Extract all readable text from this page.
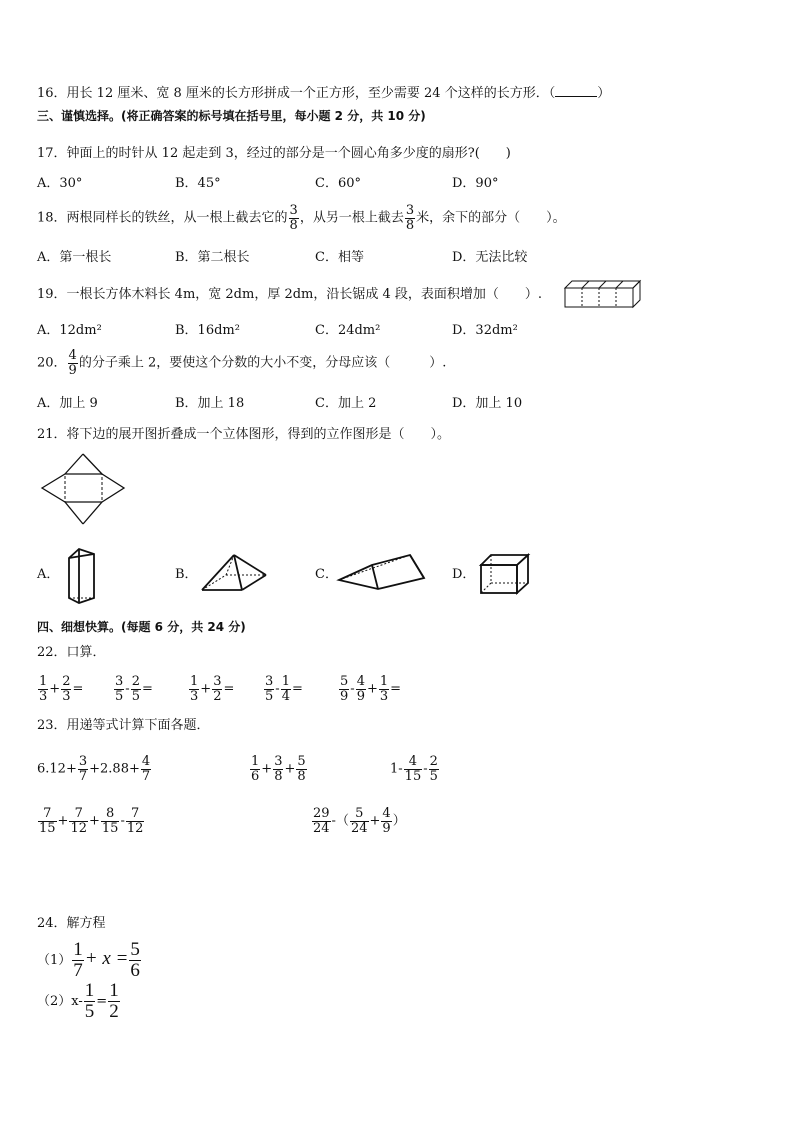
16．用长 12 厘米、宽 8 厘米的长方形拼成一个正方形，至少需要 24 个这样的长方形．（	）
三、谨慎选择。(将正确答案的标号填在括号里，每小题 2 分，共 10 分)
17．钟面上的时针从 12 起走到 3，经过的部分是一个圆心角多少度的扇形?(　　)
A．30°	B．45°	C．60°	D．90°
18．两根同样长的铁丝，从一根上截去它的 $\frac{3}{8}$ ，从另一根上截去 $\frac{3}{8}$ 米，余下的部分（　　）。
A．第一根长	B．第二根长	C．相等	D．无法比较
19．一根长方体木料长 4m，宽 2dm，厚 2dm，沿长锯成 4 段，表面积增加（　　）.
A．12dm²	B．16dm²	C．24dm²	D．32dm²
20． $\frac{4}{9}$ 的分子乘上 2，要使这个分数的大小不变，分母应该（　　　）.
A．加上 9	B．加上 18	C．加上 2	D．加上 10
21．将下边的展开图折叠成一个立体图形，得到的立作图形是（　　）。
A．	B．	C．	D．
四、细想快算。(每题 6 分，共 24 分)
22．口算．
$\frac{1}{3} + \frac{2}{3} = \frac{3}{5} - \frac{2}{5}$ =	$\frac{1}{3} + \frac{3}{2} = \frac{3}{5} - \frac{1}{4}$ =	$\frac{5}{9} - \frac{4}{9} + \frac{1}{3}$ =
23．用递等式计算下面各题．
$6.12+ \frac{3}{7} +2.88+ \frac{4}{7}$	$\frac{1}{6} + \frac{3}{8} + \frac{5}{8}$	$1- \frac{4}{15} - \frac{2}{5}$
$\frac{7}{15} + \frac{7}{12} + \frac{8}{15} - \frac{7}{12}$	$\frac{29}{24}$ -（ $\frac{5}{24} + \frac{4}{9}$ ）
24．解方程
$(1) \frac{1}{7} + x = \frac{5}{6}$
$(2)x- \frac{1}{5} = \frac{1}{2}$
